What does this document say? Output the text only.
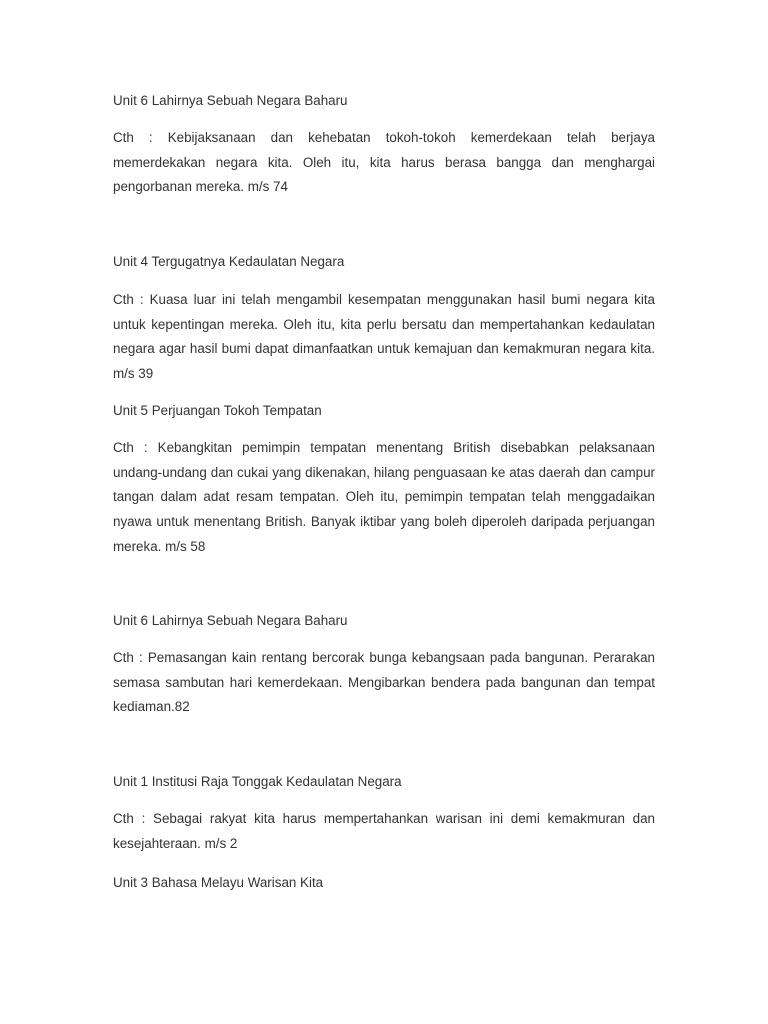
Unit 6 Lahirnya Sebuah Negara Baharu
Cth : Kebijaksanaan dan kehebatan tokoh-tokoh kemerdekaan telah berjaya memerdekakan negara kita. Oleh itu, kita harus berasa bangga dan menghargai pengorbanan mereka. m/s 74
Unit 4 Tergugatnya Kedaulatan Negara
Cth : Kuasa luar ini telah mengambil kesempatan menggunakan hasil bumi negara kita untuk kepentingan mereka. Oleh itu, kita perlu bersatu dan mempertahankan kedaulatan negara agar hasil bumi dapat dimanfaatkan untuk kemajuan dan kemakmuran negara kita. m/s 39
Unit 5 Perjuangan Tokoh Tempatan
Cth : Kebangkitan pemimpin tempatan menentang British disebabkan pelaksanaan undang-undang dan cukai yang dikenakan, hilang penguasaan ke atas daerah dan campur tangan dalam adat resam tempatan. Oleh itu, pemimpin tempatan telah menggadaikan nyawa untuk menentang British. Banyak iktibar yang boleh diperoleh daripada perjuangan mereka. m/s 58
Unit 6 Lahirnya Sebuah Negara Baharu
Cth : Pemasangan kain rentang bercorak bunga kebangsaan pada bangunan. Perarakan semasa sambutan hari kemerdekaan. Mengibarkan bendera pada bangunan dan tempat kediaman.82
Unit 1 Institusi Raja Tonggak Kedaulatan Negara
Cth : Sebagai rakyat kita harus mempertahankan warisan ini demi kemakmuran dan kesejahteraan. m/s 2
Unit 3 Bahasa Melayu Warisan Kita
